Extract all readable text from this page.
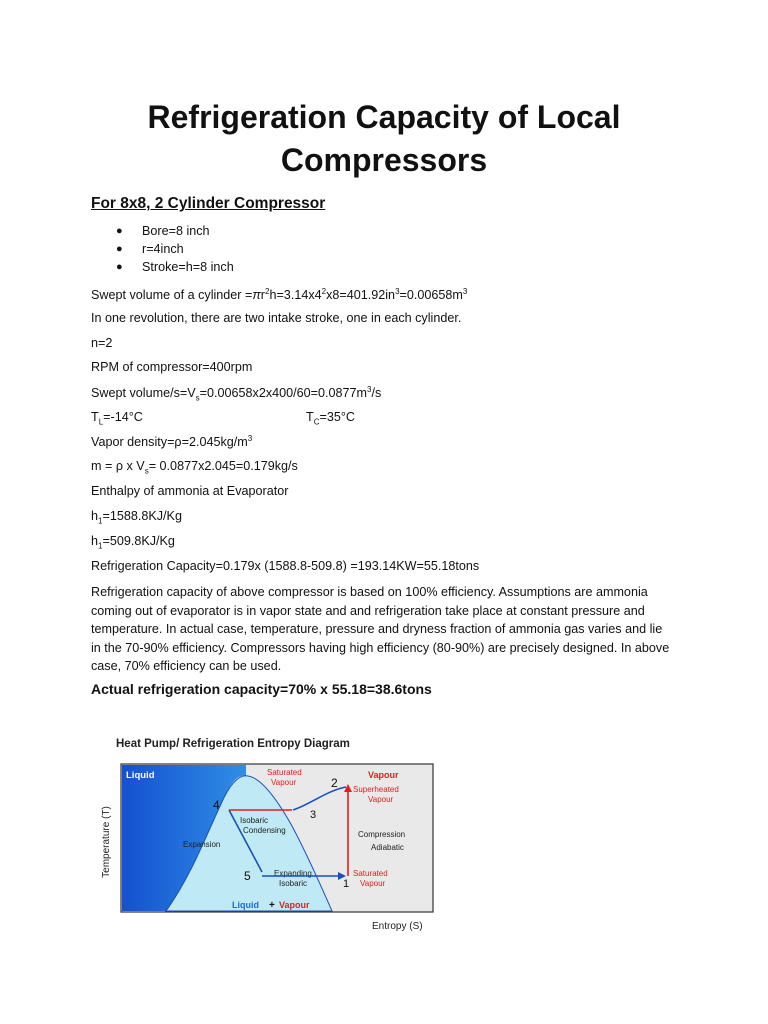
Refrigeration Capacity of Local
Compressors
For 8x8, 2 Cylinder Compressor
● Bore=8 inch
● r=4inch
● Stroke=h=8 inch
Swept volume of a cylinder $=\pi r^2h=3.14x4^2x8=401.92in^3=0.00658m^3$
In one revolution, there are two intake stroke, one in each cylinder.
n=2
RPM of compressor=400rpm
Swept volume/$s=V_s=0.00658x2x400/60=0.0877m^3/s$
$T_L=-14^\circ C$	$T_C=35^\circ C$
Vapor $density=\rho=2.045kg/m^3$
m = ρ x $V_s= 0.0877x2.045=0.179kg/s$
Enthalpy of ammonia at Evaporator
$h_1=1588.8KJ/Kg$
$h_1=509.8KJ/Kg$
Refrigeration Capacity=0.179x (1588.8-509.8) =193.14KW=55.18tons
Refrigeration capacity of above compressor is based on 100% efficiency. Assumptions are ammonia
coming out of evaporator is in vapor state and and refrigeration take place at constant pressure and
temperature. In actual case, temperature, pressure and dryness fraction of ammonia gas varies and lie
in the 70-90% efficiency. Compressors having high efficiency (80-90%) are precisely designed. In above
case, 70% efficiency can be used.
Actual refrigeration capacity=70% x 55.18=38.6tons
Heat Pump/ Refrigeration Entropy Diagram
Temperature (T)
Liquid	Saturated
Vapour
Vapour
Superheated
Vapour
Isobaric
Condensing	Compression
Adiabatic
Expansion
Expanding
Isobaric
Saturated
Vapour
Liquid + Vapour
1
2
3
4
5
Entropy (S)
